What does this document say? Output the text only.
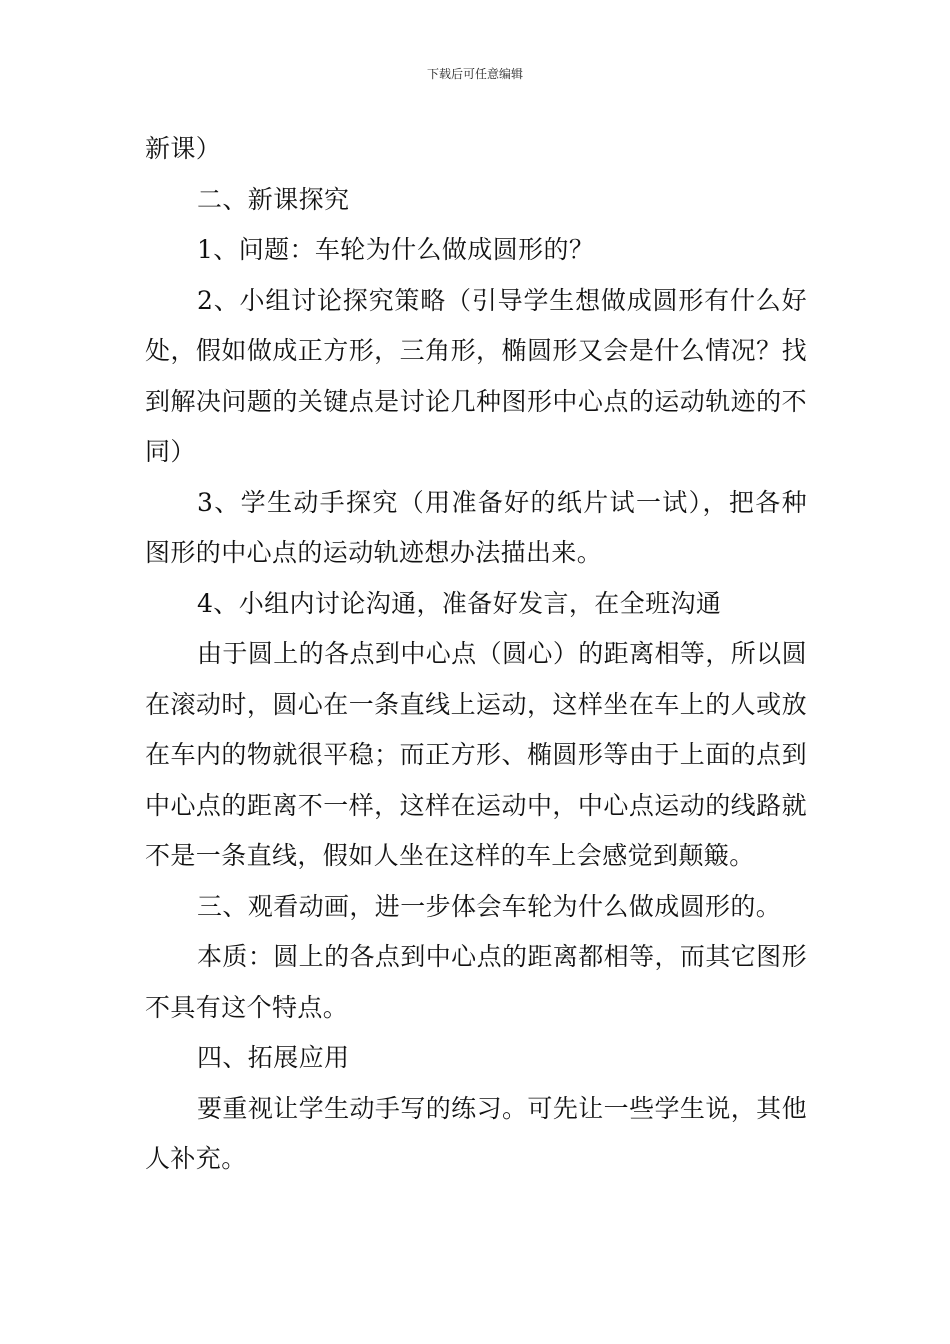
下载后可任意编辑

新课）

二、新课探究

1、问题：车轮为什么做成圆形的？

2、小组讨论探究策略（引导学生想做成圆形有什么好处，假如做成正方形，三角形，椭圆形又会是什么情况？找到解决问题的关键点是讨论几种图形中心点的运动轨迹的不同）

3、学生动手探究（用准备好的纸片试一试），把各种图形的中心点的运动轨迹想办法描出来。

4、小组内讨论沟通，准备好发言，在全班沟通

由于圆上的各点到中心点（圆心）的距离相等，所以圆在滚动时，圆心在一条直线上运动，这样坐在车上的人或放在车内的物就很平稳；而正方形、椭圆形等由于上面的点到中心点的距离不一样，这样在运动中，中心点运动的线路就不是一条直线，假如人坐在这样的车上会感觉到颠簸。

三、观看动画，进一步体会车轮为什么做成圆形的。

本质：圆上的各点到中心点的距离都相等，而其它图形不具有这个特点。

四、拓展应用

要重视让学生动手写的练习。可先让一些学生说，其他人补充。
